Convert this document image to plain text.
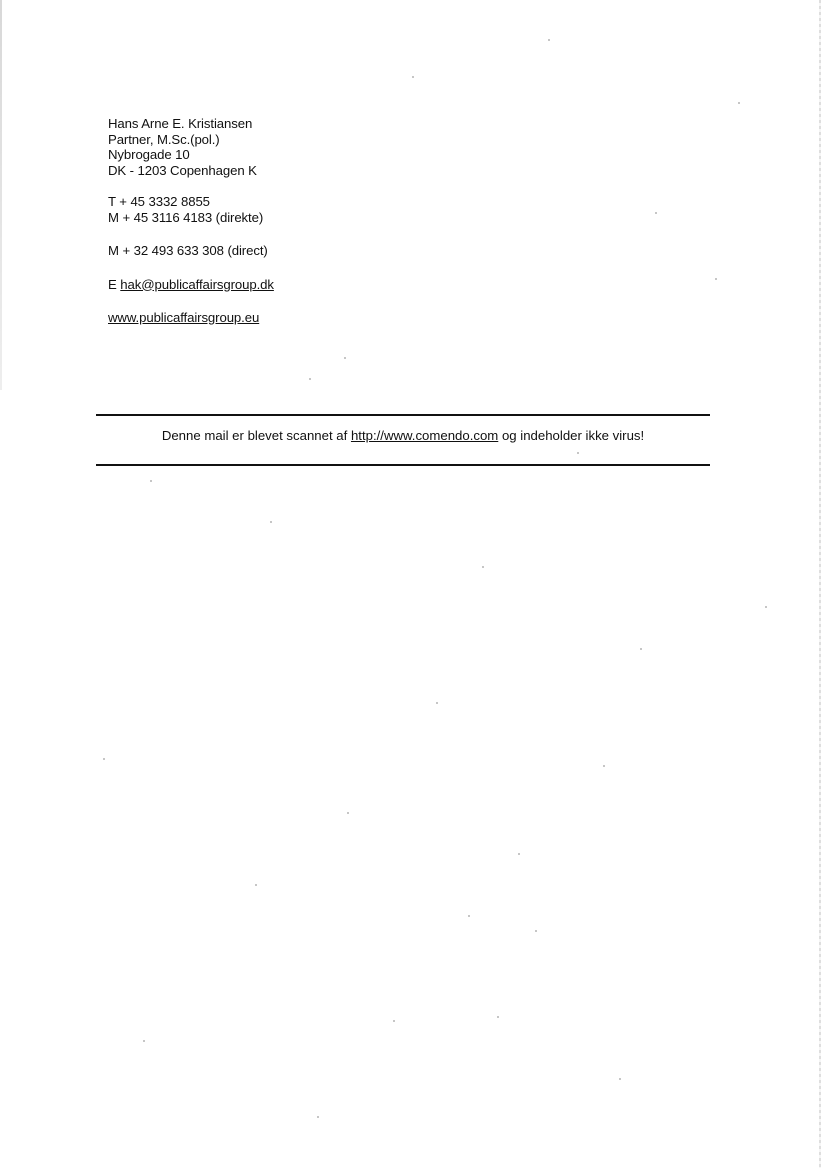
Hans Arne E. Kristiansen
Partner, M.Sc.(pol.)
Nybrogade 10
DK - 1203 Copenhagen K
T + 45 3332 8855
M + 45 3116 4183 (direkte)
M + 32 493 633 308 (direct)
E hak@publicaffairsgroup.dk
www.publicaffairsgroup.eu
Denne mail er blevet scannet af http://www.comendo.com og indeholder ikke virus!
